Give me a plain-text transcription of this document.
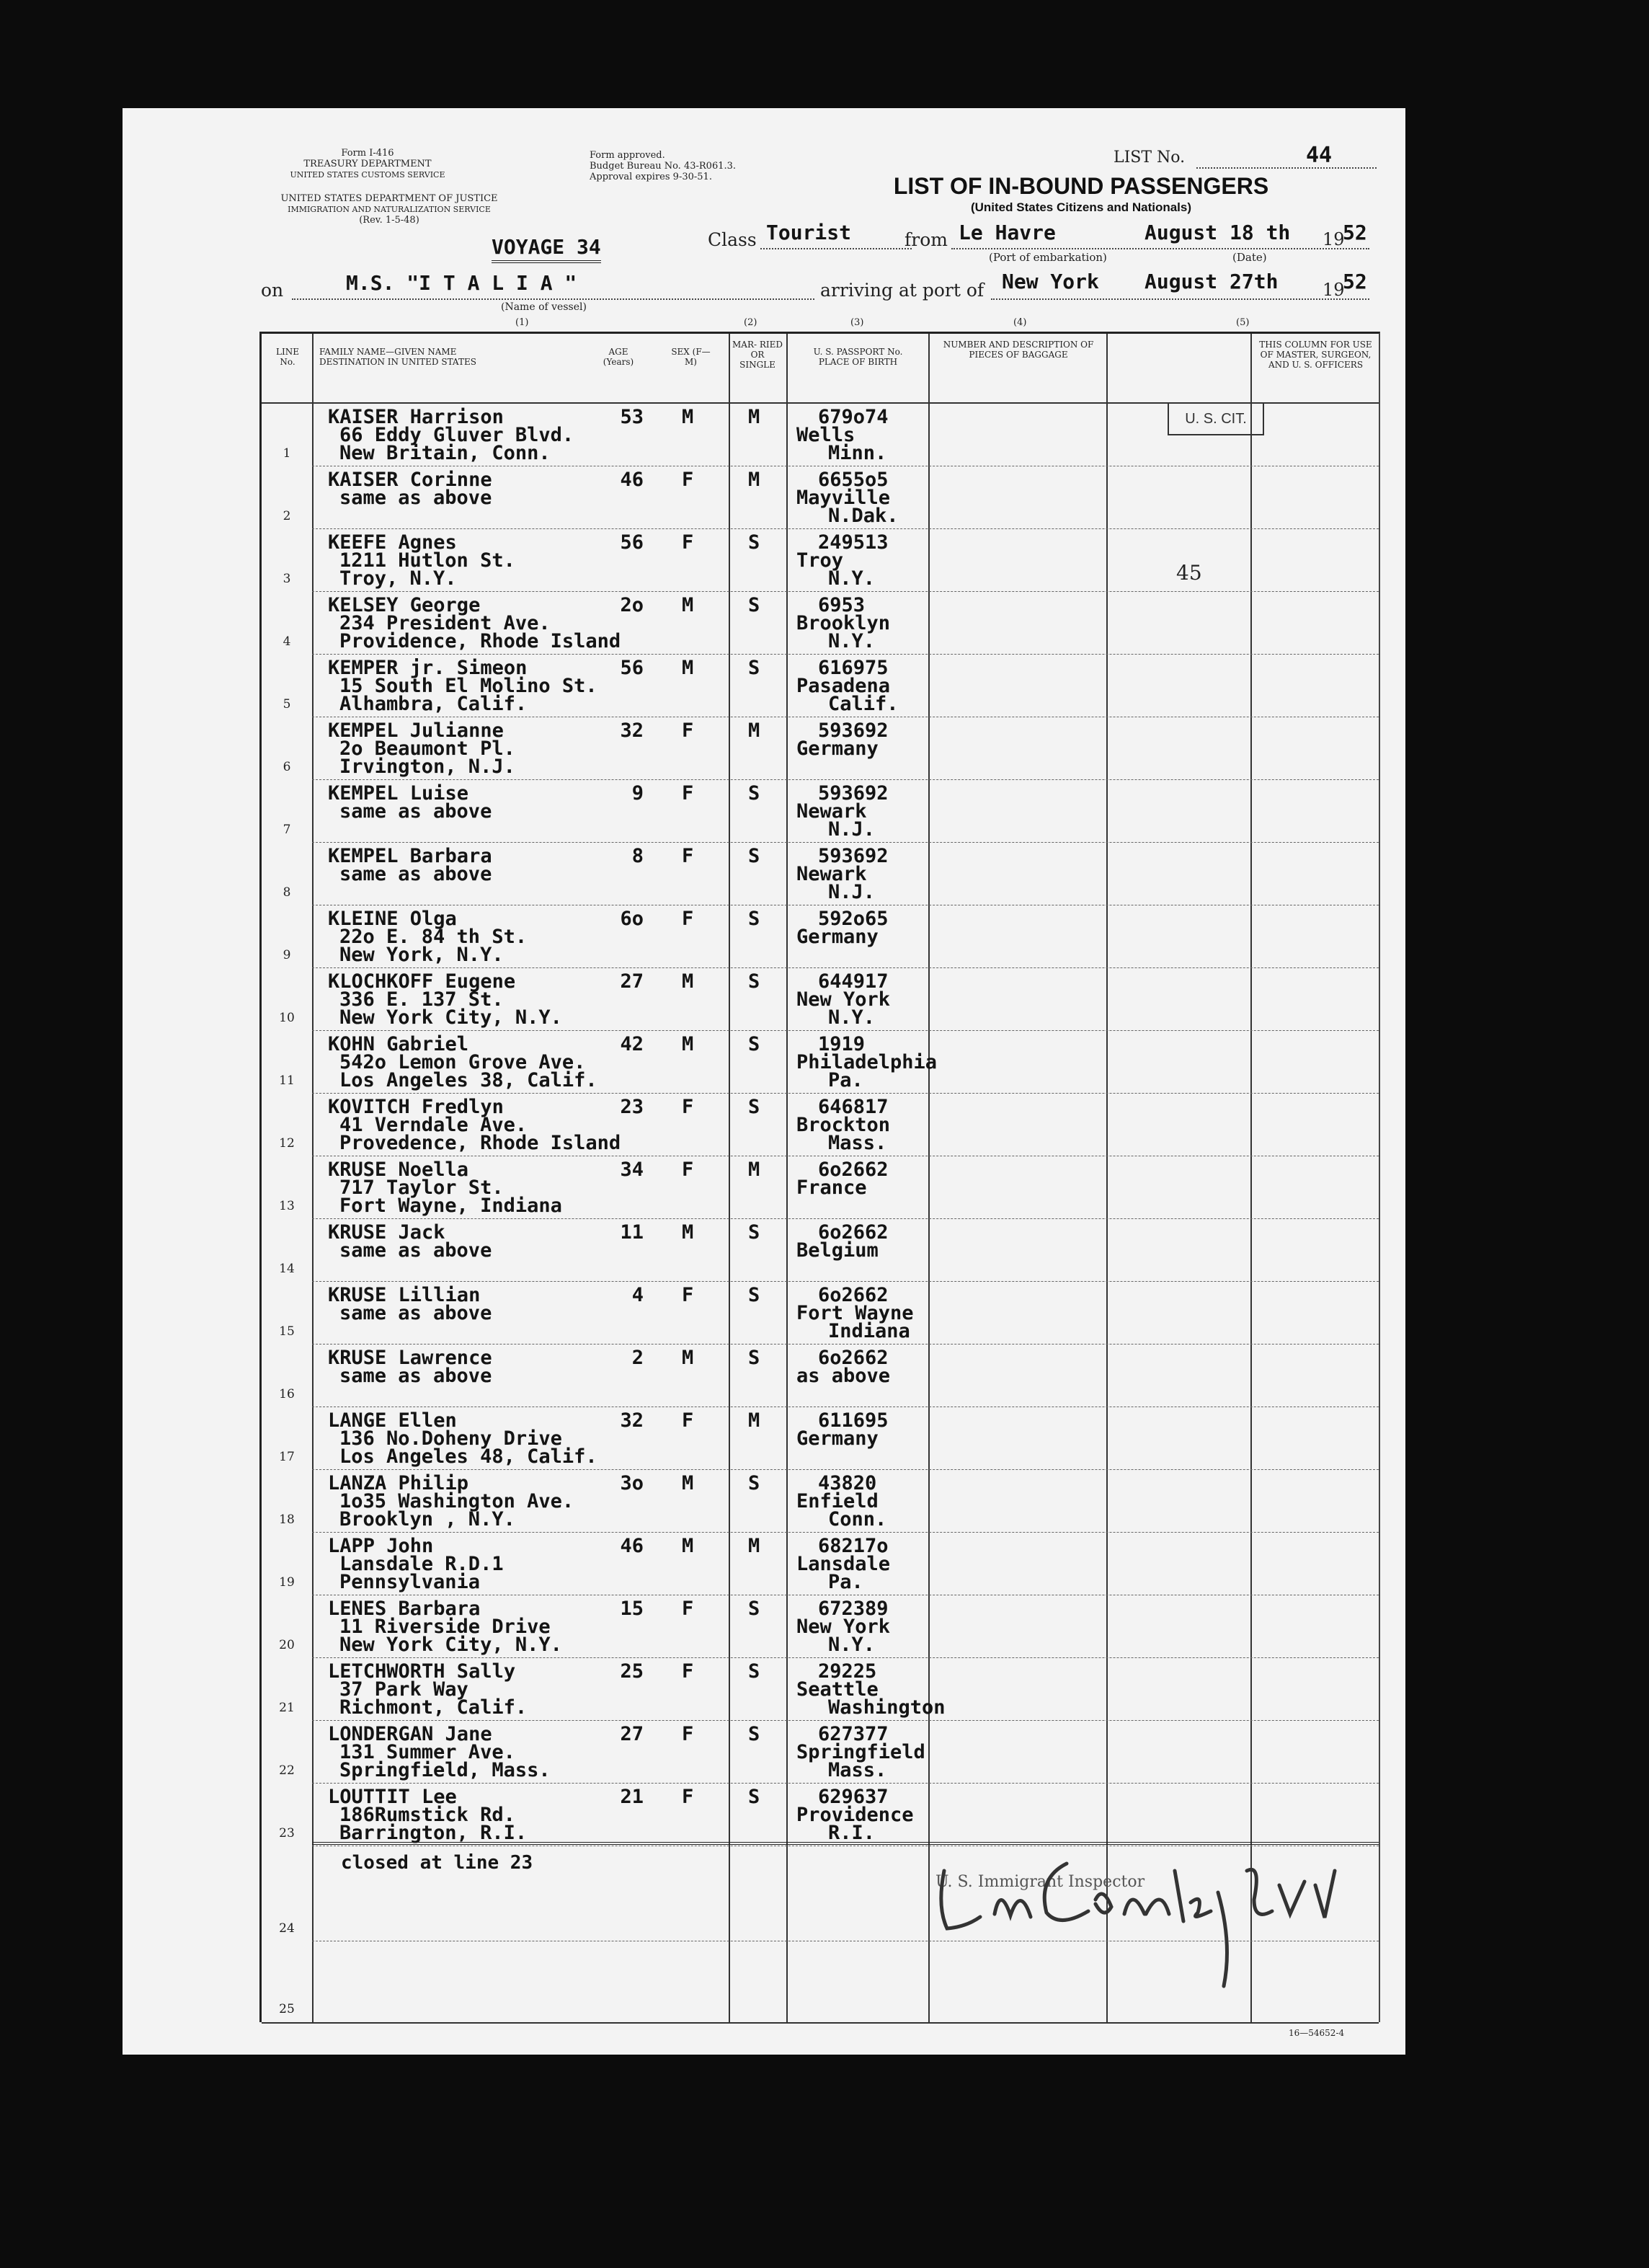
Form I-416
TREASURY DEPARTMENT
UNITED STATES CUSTOMS SERVICE
UNITED STATES DEPARTMENT OF JUSTICE
IMMIGRATION AND NATURALIZATION SERVICE
(Rev. 1-5-48)
Form approved.
Budget Bureau No. 43-R061.3.
Approval expires 9-30-51.
LIST No.	44
LIST OF IN-BOUND PASSENGERS
(United States Citizens and Nationals)
VOYAGE 34	Class Tourist	from Le Havre	August 18 th 19
52
(Port of embarkation)	(Date)
on	M.S. "I T A L I A "
(Name of vessel)
arriving at port of New York August 27th	19
52
(1)	(2)	(3)	(4)	(5)
LINE No.
FAMILY NAME—GIVEN NAME
DESTINATION IN UNITED STATES
AGE (Years)
SEX (F—M)
MAR- RIED OR SINGLE
U. S. PASSPORT No.
PLACE OF BIRTH
NUMBER AND DESCRIPTION OF PIECES OF BAGGAGE
THIS COLUMN FOR USE OF MASTER, SURGEON, AND U. S. OFFICERS
1
KAISER Harrison
66 Eddy Gluver Blvd.
New Britain, Conn.
53 M	M	679o74
Wells
Minn.
2
KAISER Corinne
same as above
46 F	M	6655o5
Mayville
N.Dak.
3
KEEFE Agnes
1211 Hutlon St.
Troy, N.Y.
56 F	S	249513
Troy
N.Y.
4
KELSEY George
234 President Ave.
Providence, Rhode Island
2o M	S	6953
Brooklyn
N.Y.
5
KEMPER jr. Simeon
15 South El Molino St.
Alhambra, Calif.
56 M	S	616975
Pasadena
Calif.
6
KEMPEL Julianne
2o Beaumont Pl.
Irvington, N.J.
32 F	M	593692
Germany
7
KEMPEL Luise
same as above
9 F	S	593692
Newark
N.J.
8
KEMPEL Barbara
same as above
8 F	S	593692
Newark
N.J.
9
KLEINE Olga
22o E. 84 th St.
New York, N.Y.
6o F	S	592o65
Germany
10
KLOCHKOFF Eugene
336 E. 137 St.
New York City, N.Y.
27 M	S	644917
New York
N.Y.
11
KOHN Gabriel
542o Lemon Grove Ave.
Los Angeles 38, Calif.
42 M	S	1919
Philadelphia
Pa.
12
KOVITCH Fredlyn
41 Verndale Ave.
Provedence, Rhode Island
23 F	S	646817
Brockton
Mass.
13
KRUSE Noella
717 Taylor St.
Fort Wayne, Indiana
34 F	M	6o2662
France
14
KRUSE Jack
same as above
11 M	S	6o2662
Belgium
15
KRUSE Lillian
same as above
4 F	S	6o2662
Fort Wayne
Indiana
16
KRUSE Lawrence
same as above
2 M	S	6o2662
as above
17
LANGE Ellen
136 No.Doheny Drive
Los Angeles 48, Calif.
32 F	M	611695
Germany
18
LANZA Philip
1o35 Washington Ave.
Brooklyn , N.Y.
3o M	S	43820
Enfield
Conn.
19
LAPP John
Lansdale R.D.1
Pennsylvania
46 M	M	68217o
Lansdale
Pa.
20
LENES Barbara
11 Riverside Drive
New York City, N.Y.
15 F	S	672389
New York
N.Y.
21
LETCHWORTH Sally
37 Park Way
Richmont, Calif.
25 F	S	29225
Seattle
Washington
22
LONDERGAN Jane
131 Summer Ave.
Springfield, Mass.
27 F	S	627377
Springfield
Mass.
23
LOUTTIT Lee
186Rumstick Rd.
Barrington, R.I.
21 F	S	629637
Providence
R.I.
closed at line 23
U. S. Immigrant Inspector
24
25
U. S. CIT.
45
16—54652-4
